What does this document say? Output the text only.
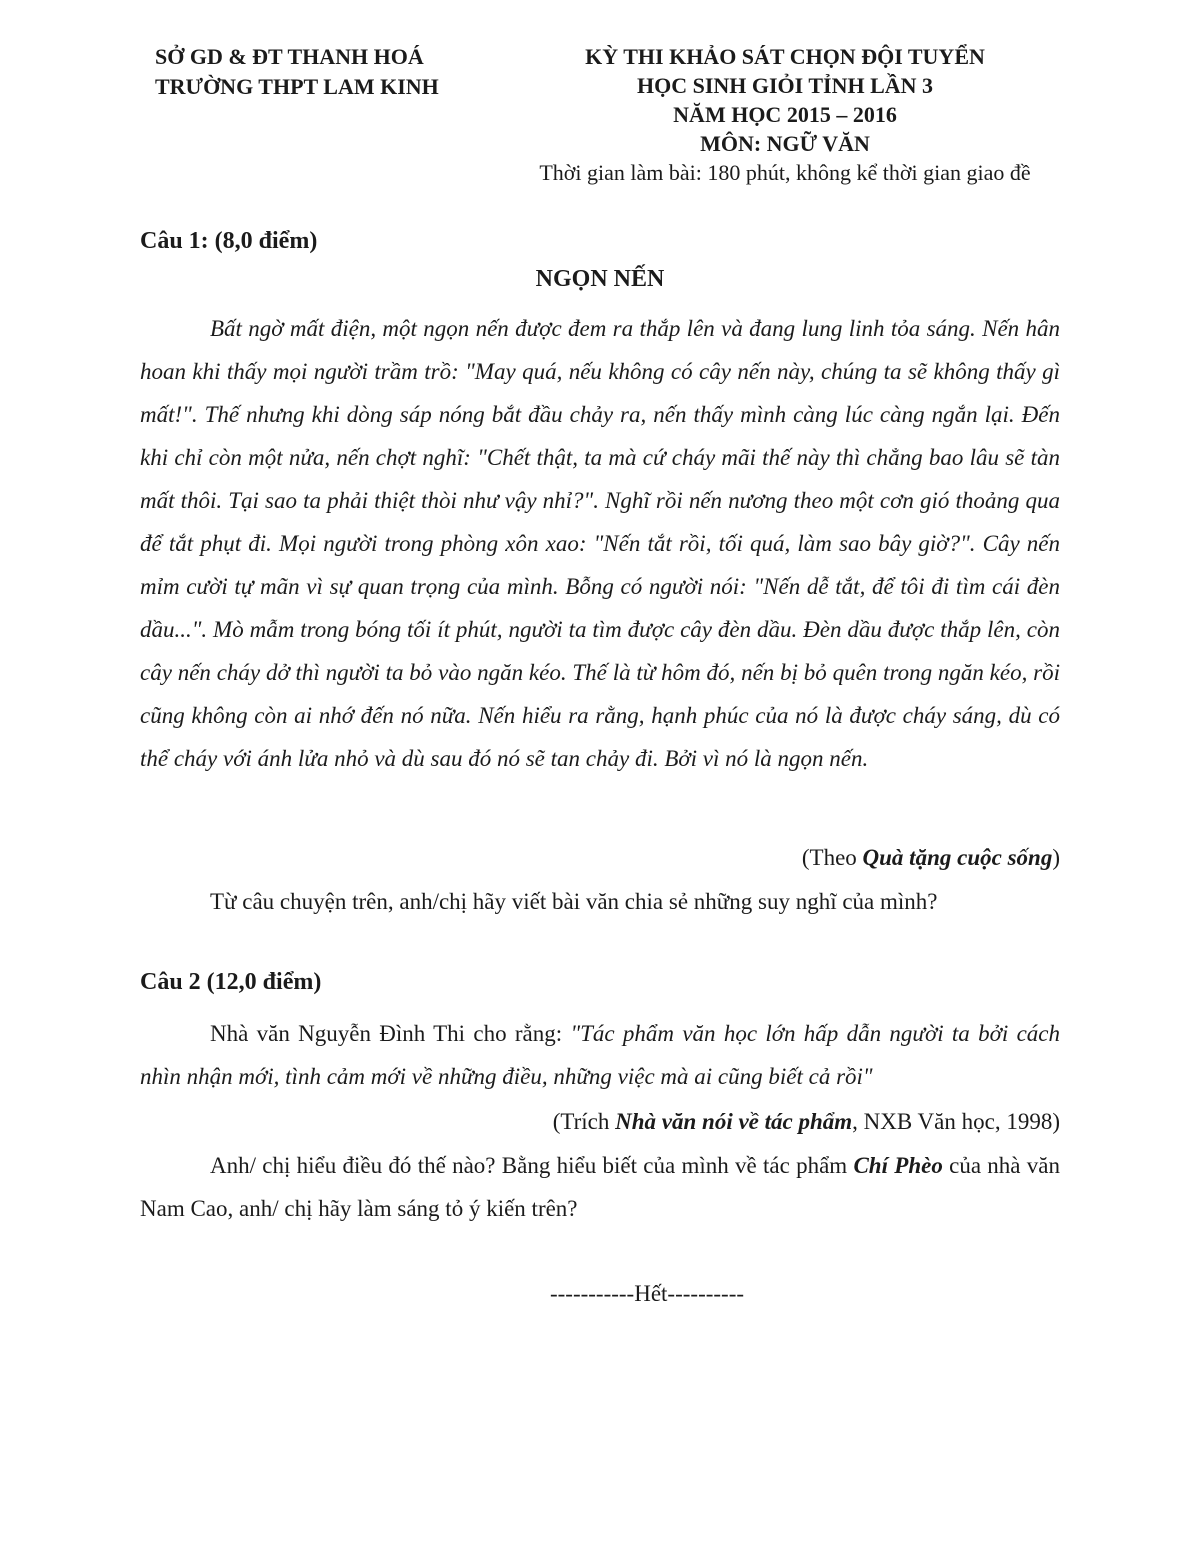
SỞ GD & ĐT THANH HOÁ
TRƯỜNG THPT LAM KINH
KỲ THI KHẢO SÁT CHỌN ĐỘI TUYỂN
HỌC SINH GIỎI TỈNH LẦN 3
NĂM HỌC 2015 – 2016
MÔN: NGỮ VĂN
Thời gian làm bài: 180 phút, không kể thời gian giao đề
Câu 1: (8,0 điểm)
NGỌN NẾN
Bất ngờ mất điện, một ngọn nến được đem ra thắp lên và đang lung linh tỏa sáng. Nến hân hoan khi thấy mọi người trầm trồ: "May quá, nếu không có cây nến này, chúng ta sẽ không thấy gì mất!". Thế nhưng khi dòng sáp nóng bắt đầu chảy ra, nến thấy mình càng lúc càng ngắn lại. Đến khi chỉ còn một nửa, nến chợt nghĩ: "Chết thật, ta mà cứ cháy mãi thế này thì chẳng bao lâu sẽ tàn mất thôi. Tại sao ta phải thiệt thòi như vậy nhỉ?". Nghĩ rồi nến nương theo một cơn gió thoảng qua để tắt phụt đi. Mọi người trong phòng xôn xao: "Nến tắt rồi, tối quá, làm sao bây giờ?". Cây nến mỉm cười tự mãn vì sự quan trọng của mình. Bỗng có người nói: "Nến dễ tắt, để tôi đi tìm cái đèn dầu...". Mò mẫm trong bóng tối ít phút, người ta tìm được cây đèn dầu. Đèn dầu được thắp lên, còn cây nến cháy dở thì người ta bỏ vào ngăn kéo. Thế là từ hôm đó, nến bị bỏ quên trong ngăn kéo, rồi cũng không còn ai nhớ đến nó nữa. Nến hiểu ra rằng, hạnh phúc của nó là được cháy sáng, dù có thể cháy với ánh lửa nhỏ và dù sau đó nó sẽ tan chảy đi. Bởi vì nó là ngọn nến.
(Theo Quà tặng cuộc sống)
Từ câu chuyện trên, anh/chị hãy viết bài văn chia sẻ những suy nghĩ của mình?
Câu 2 (12,0 điểm)
Nhà văn Nguyễn Đình Thi cho rằng: "Tác phẩm văn học lớn hấp dẫn người ta bởi cách nhìn nhận mới, tình cảm mới về những điều, những việc mà ai cũng biết cả rồi"
(Trích Nhà văn nói về tác phẩm, NXB Văn học, 1998)
Anh/ chị hiểu điều đó thế nào? Bằng hiểu biết của mình về tác phẩm Chí Phèo của nhà văn Nam Cao, anh/ chị hãy làm sáng tỏ ý kiến trên?
-----------Hết----------
